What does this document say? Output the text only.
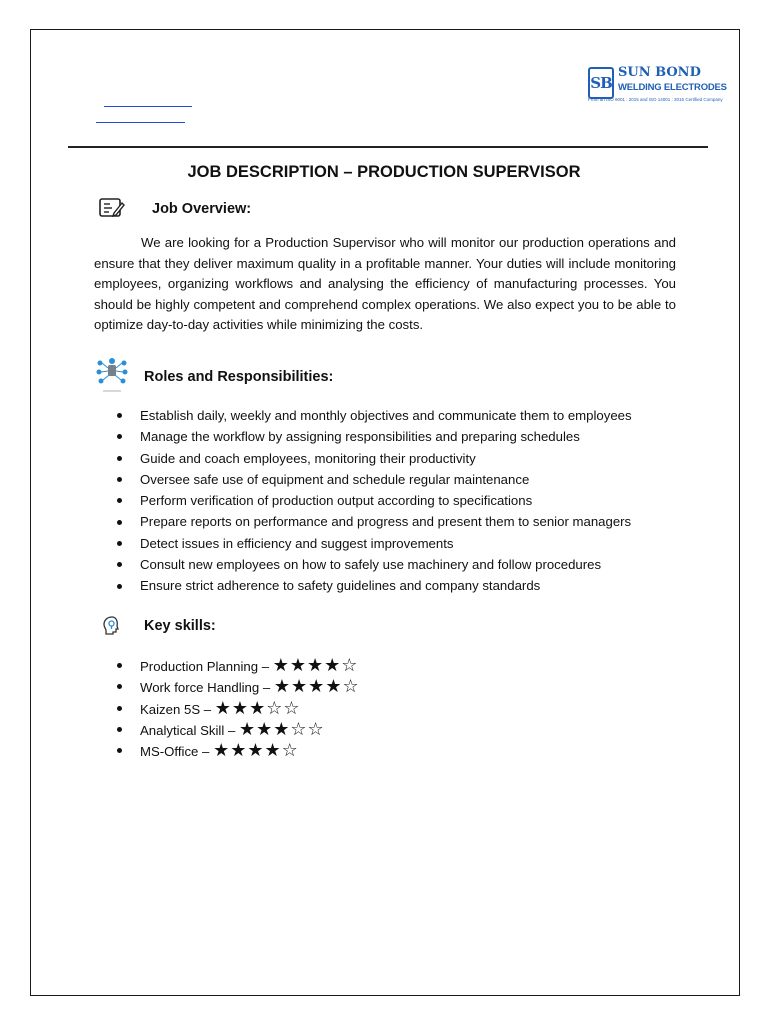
SB
SUN BOND
WELDING ELECTRODES
From an ISO 9001 : 2015 and ISO 14001 : 2015 Certified Company
JOB DESCRIPTION – PRODUCTION SUPERVISOR
Job Overview:

We are looking for a Production Supervisor who will monitor our production operations and ensure that they deliver maximum quality in a profitable manner. Your duties will include monitoring employees, organizing workflows and analysing the efficiency of manufacturing processes. You should be highly competent and comprehend complex operations. We also expect you to be able to optimize day-to-day activities while minimizing the costs.

Roles and Responsibilities:
Establish daily, weekly and monthly objectives and communicate them to employees
Manage the workflow by assigning responsibilities and preparing schedules
Guide and coach employees, monitoring their productivity
Oversee safe use of equipment and schedule regular maintenance
Perform verification of production output according to specifications
Prepare reports on performance and progress and present them to senior managers
Detect issues in efficiency and suggest improvements
Consult new employees on how to safely use machinery and follow procedures
Ensure strict adherence to safety guidelines and company standards
Key skills:
Production Planning – ★★★★☆
Work force Handling – ★★★★☆
Kaizen 5S – ★★★☆☆
Analytical Skill – ★★★☆☆
MS-Office – ★★★★☆
